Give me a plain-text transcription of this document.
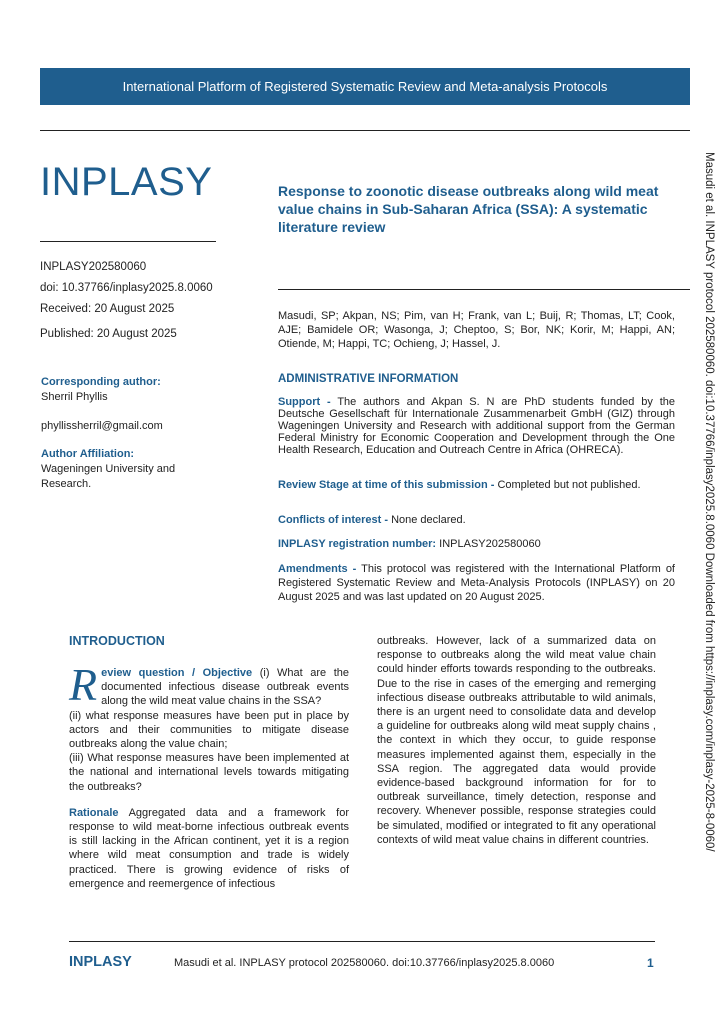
International Platform of Registered Systematic Review and Meta-analysis Protocols
INPLASY
INPLASY202580060
doi: 10.37766/inplasy2025.8.0060
Received: 20 August 2025
Published: 20 August 2025
Corresponding author:
Sherril Phyllis
phyllissherril@gmail.com
Author Affiliation:
Wageningen University and
Research.
Response to zoonotic disease outbreaks along wild meat value chains in Sub-Saharan Africa (SSA): A systematic literature review
Masudi, SP; Akpan, NS; Pim, van H; Frank, van L; Buij, R; Thomas, LT; Cook, AJE; Bamidele OR; Wasonga, J; Cheptoo, S; Bor, NK; Korir, M; Happi, AN; Otiende, M; Happi, TC; Ochieng, J; Hassel, J.
ADMINISTRATIVE INFORMATION
Support - The authors and Akpan S. N are PhD students funded by the Deutsche Gesellschaft für Internationale Zusammenarbeit GmbH (GIZ) through Wageningen University and Research with additional support from the German Federal Ministry for Economic Cooperation and Development through the One Health Research, Education and Outreach Centre in Africa (OHRECA).
Review Stage at time of this submission - Completed but not published.
Conflicts of interest - None declared.
INPLASY registration number: INPLASY202580060
Amendments - This protocol was registered with the International Platform of Registered Systematic Review and Meta-Analysis Protocols (INPLASY) on 20 August 2025 and was last updated on 20 August 2025.
INTRODUCTION
Review question / Objective (i) What are the documented infectious disease outbreak events along the wild meat value chains in the SSA?
(ii) what response measures have been put in place by actors and their communities to mitigate disease outbreaks along the value chain;
(iii) What response measures have been implemented at the national and international levels towards mitigating the outbreaks?
Rationale Aggregated data and a framework for response to wild meat-borne infectious outbreak events is still lacking in the African continent, yet it is a region where wild meat consumption and trade is widely practiced. There is growing evidence of risks of emergence and reemergence of infectious
outbreaks. However, lack of a summarized data on response to outbreaks along the wild meat value chain could hinder efforts towards responding to the outbreaks. Due to the rise in cases of the emerging and remerging infectious disease outbreaks attributable to wild animals, there is an urgent need to consolidate data and develop a guideline for outbreaks along wild meat supply chains , the context in which they occur, to guide response measures implemented against them, especially in the SSA region. The aggregated data would provide evidence-based background information for for to outbreak surveillance, timely detection, response and recovery. Whenever possible, response strategies could be simulated, modified or integrated to fit any operational contexts of wild meat value chains in different countries.
INPLASY	Masudi et al. INPLASY protocol 202580060. doi:10.37766/inplasy2025.8.0060	1
Masudi et al. INPLASY protocol 202580060. doi:10.37766/inplasy2025.8.0060 Downloaded from https://inplasy.com/inplasy-2025-8-0060/
